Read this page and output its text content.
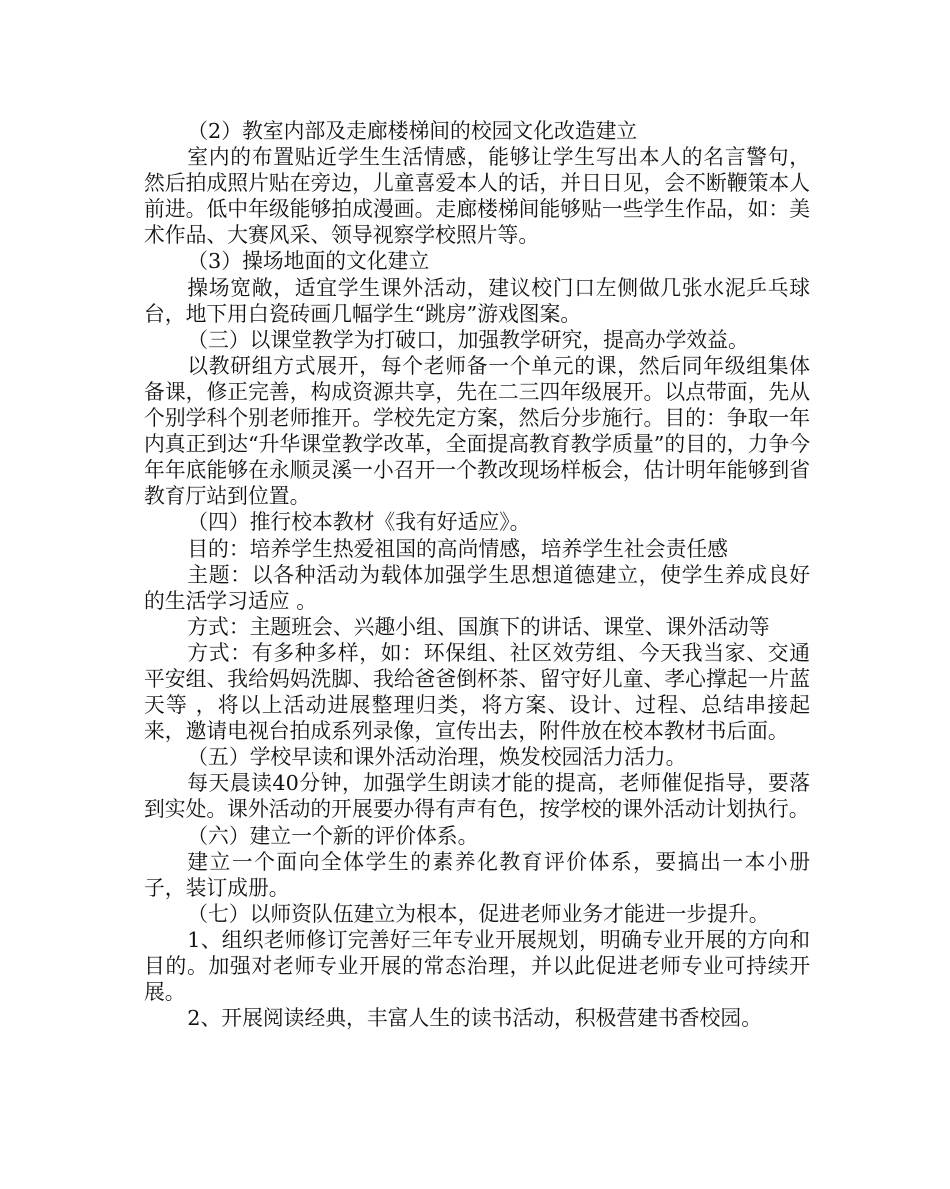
（2）教室内部及走廊楼梯间的校园文化改造建立

室内的布置贴近学生生活情感，能够让学生写出本人的名言警句，然后拍成照片贴在旁边，儿童喜爱本人的话，并日日见，会不断鞭策本人前进。低中年级能够拍成漫画。走廊楼梯间能够贴一些学生作品，如：美术作品、大赛风采、领导视察学校照片等。

（3）操场地面的文化建立

操场宽敞，适宜学生课外活动，建议校门口左侧做几张水泥乒乓球台，地下用白瓷砖画几幅学生“跳房”游戏图案。

（三）以课堂教学为打破口，加强教学研究，提高办学效益。

以教研组方式展开，每个老师备一个单元的课，然后同年级组集体备课，修正完善，构成资源共享，先在二三四年级展开。以点带面，先从个别学科个别老师推开。学校先定方案，然后分步施行。目的：争取一年内真正到达“升华课堂教学改革，全面提高教育教学质量”的目的，力争今年年底能够在永顺灵溪一小召开一个教改现场样板会，估计明年能够到省教育厅站到位置。

（四）推行校本教材《我有好适应》。

目的：培养学生热爱祖国的高尚情感，培养学生社会责任感

主题：以各种活动为载体加强学生思想道德建立，使学生养成良好的生活学习适应 。

方式：主题班会、兴趣小组、国旗下的讲话、课堂、课外活动等

方式：有多种多样，如：环保组、社区效劳组、今天我当家、交通平安组、我给妈妈洗脚、我给爸爸倒杯茶、留守好儿童、孝心撑起一片蓝天等 ，将以上活动进展整理归类，将方案、设计、过程、总结串接起来，邀请电视台拍成系列录像，宣传出去，附件放在校本教材书后面。

（五）学校早读和课外活动治理，焕发校园活力活力。

每天晨读40分钟，加强学生朗读才能的提高，老师催促指导，要落到实处。课外活动的开展要办得有声有色，按学校的课外活动计划执行。

（六）建立一个新的评价体系。

建立一个面向全体学生的素养化教育评价体系，要搞出一本小册子，装订成册。

（七）以师资队伍建立为根本，促进老师业务才能进一步提升。

1、组织老师修订完善好三年专业开展规划，明确专业开展的方向和目的。加强对老师专业开展的常态治理，并以此促进老师专业可持续开展。

2、开展阅读经典，丰富人生的读书活动，积极营建书香校园。
